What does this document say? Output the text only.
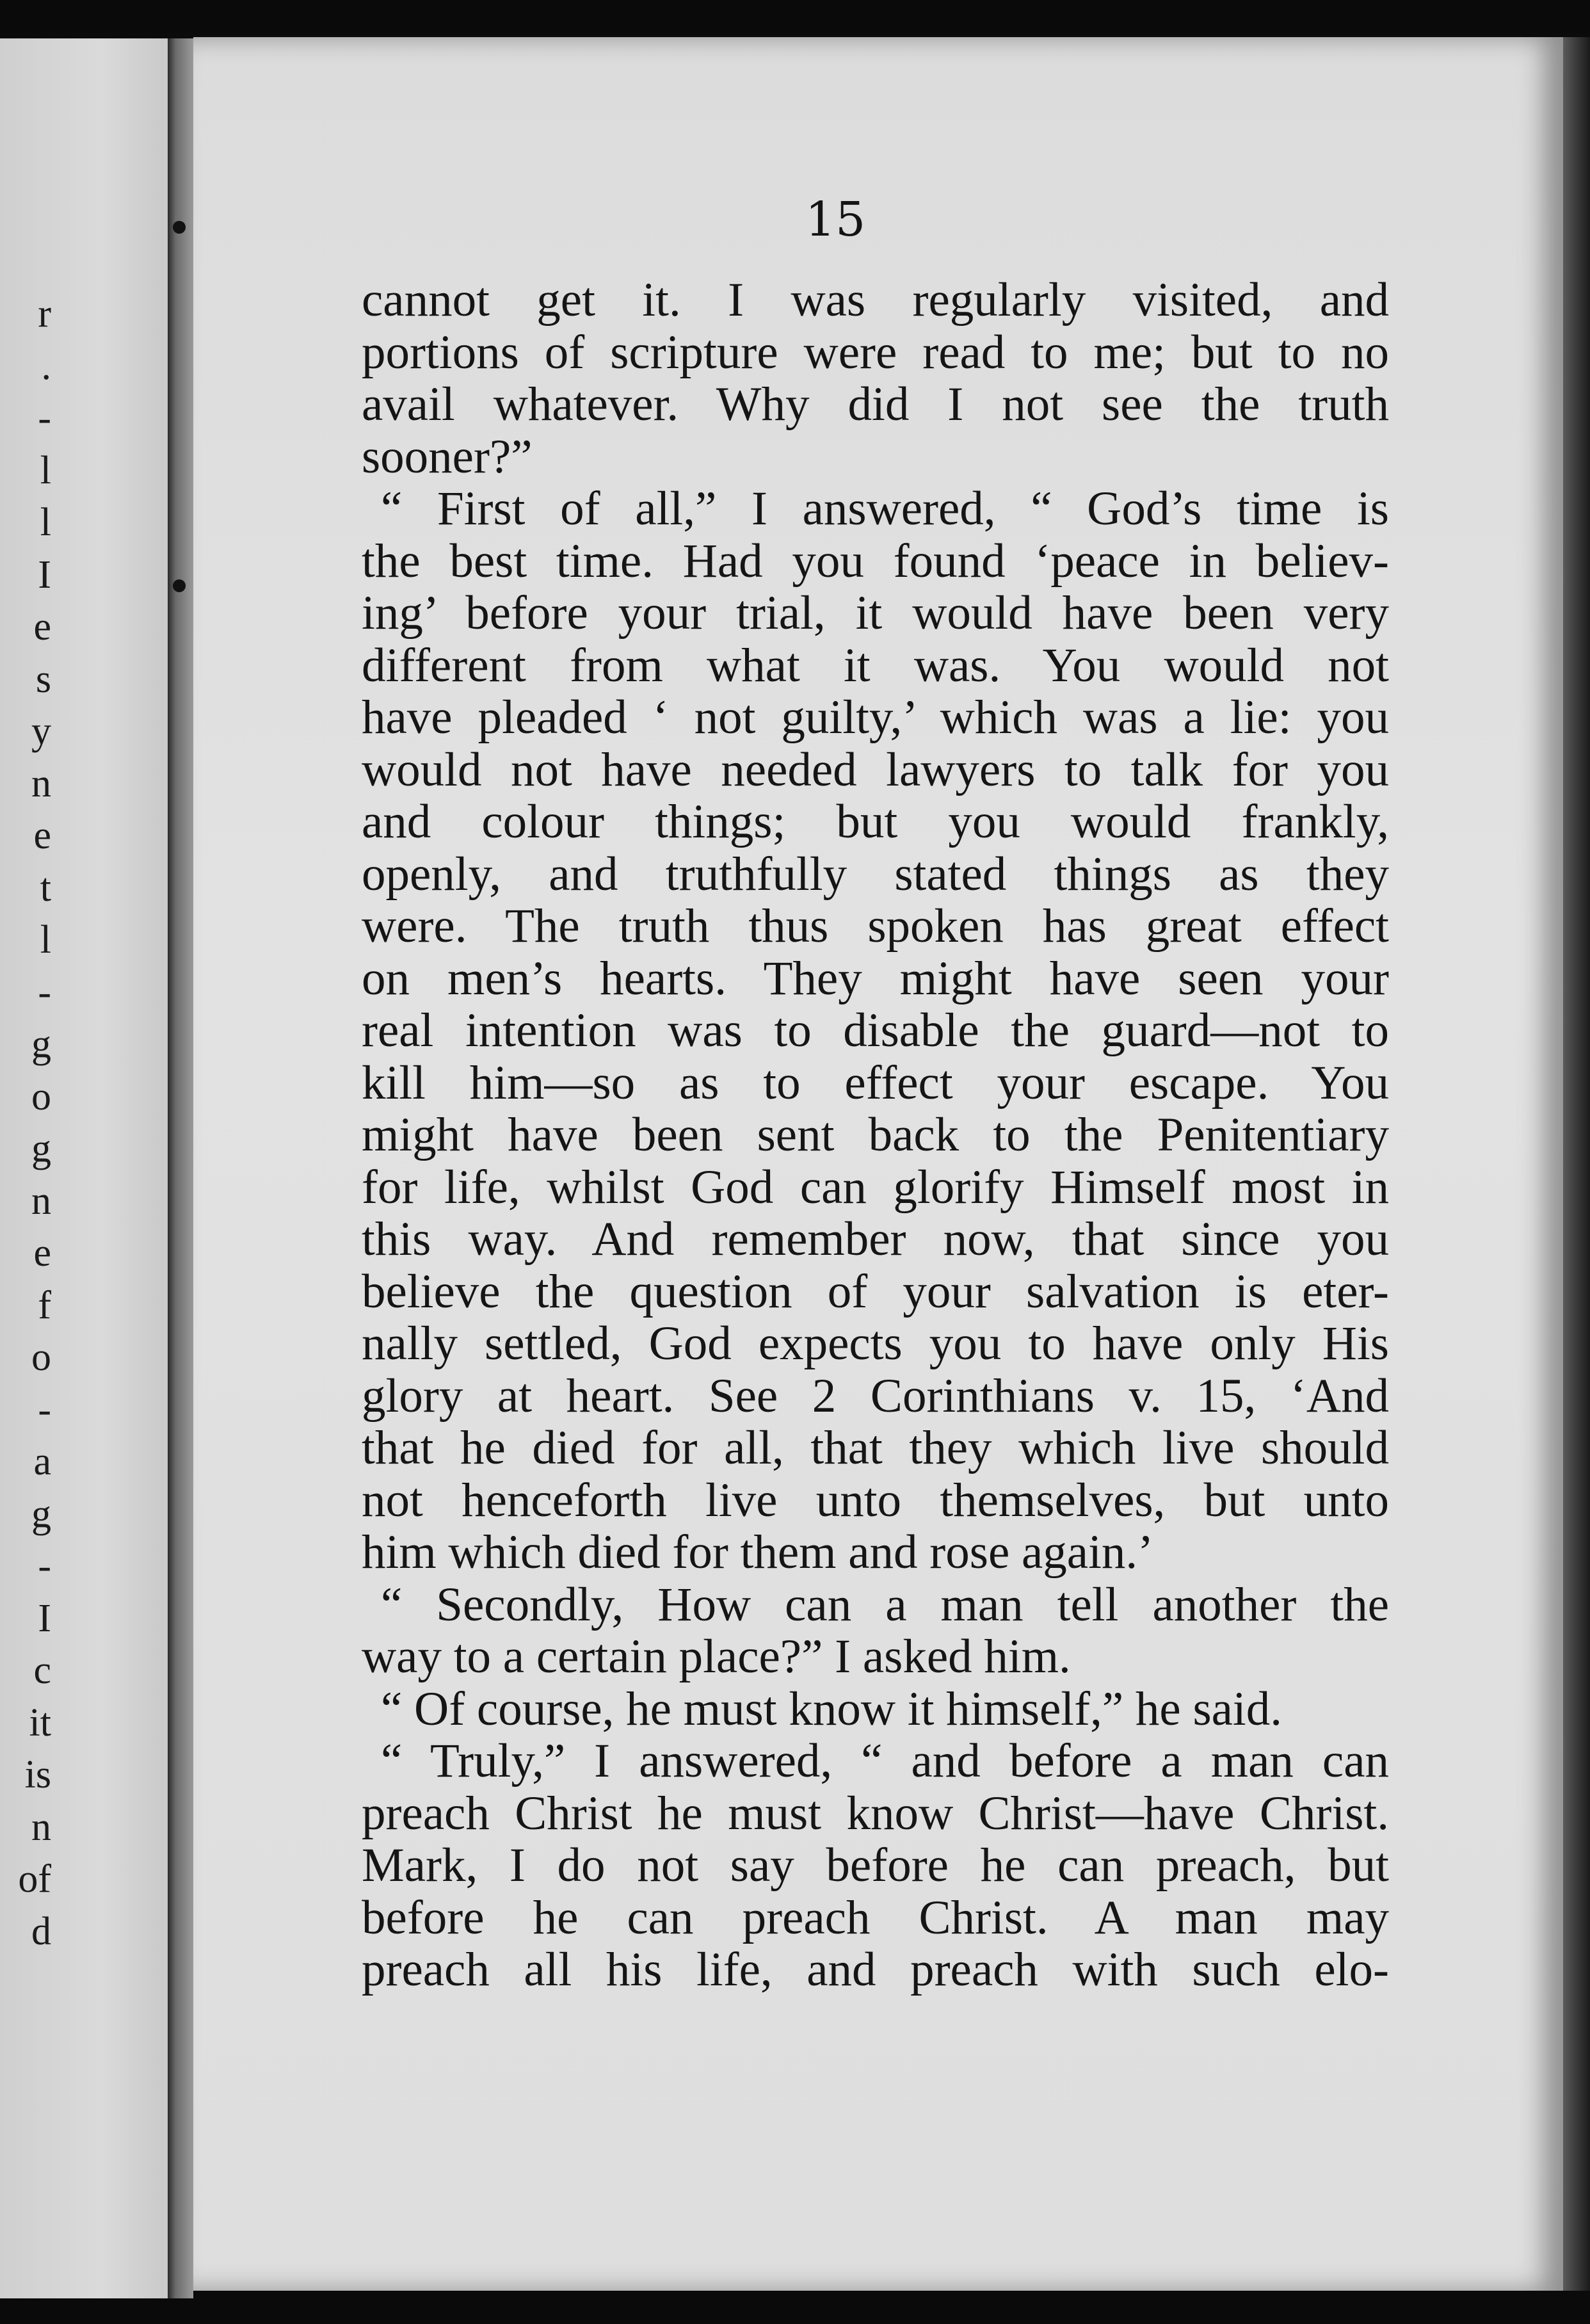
r
.
-
l
l
I
e
s
y
n
e
t
l
-
g
o
g
n
e
f
o
-
a
g
-
I
c
it
is
n
of
d
15
cannot get it. I was regularly visited, and
portions of scripture were read to me; but to no
avail whatever. Why did I not see the truth
sooner?”
“ First of all,” I answered, “ God’s time is
the best time. Had you found ‘peace in believ-
ing’ before your trial, it would have been very
different from what it was. You would not
have pleaded ‘ not guilty,’ which was a lie: you
would not have needed lawyers to talk for you
and colour things; but you would frankly,
openly, and truthfully stated things as they
were. The truth thus spoken has great effect
on men’s hearts. They might have seen your
real intention was to disable the guard—not to
kill him—so as to effect your escape. You
might have been sent back to the Penitentiary
for life, whilst God can glorify Himself most in
this way. And remember now, that since you
believe the question of your salvation is eter-
nally settled, God expects you to have only His
glory at heart. See 2 Corinthians v. 15, ‘And
that he died for all, that they which live should
not henceforth live unto themselves, but unto
him which died for them and rose again.’
“ Secondly, How can a man tell another the
way to a certain place?” I asked him.
“ Of course, he must know it himself,” he said.
“ Truly,” I answered, “ and before a man can
preach Christ he must know Christ—have Christ.
Mark, I do not say before he can preach, but
before he can preach Christ. A man may
preach all his life, and preach with such elo-
